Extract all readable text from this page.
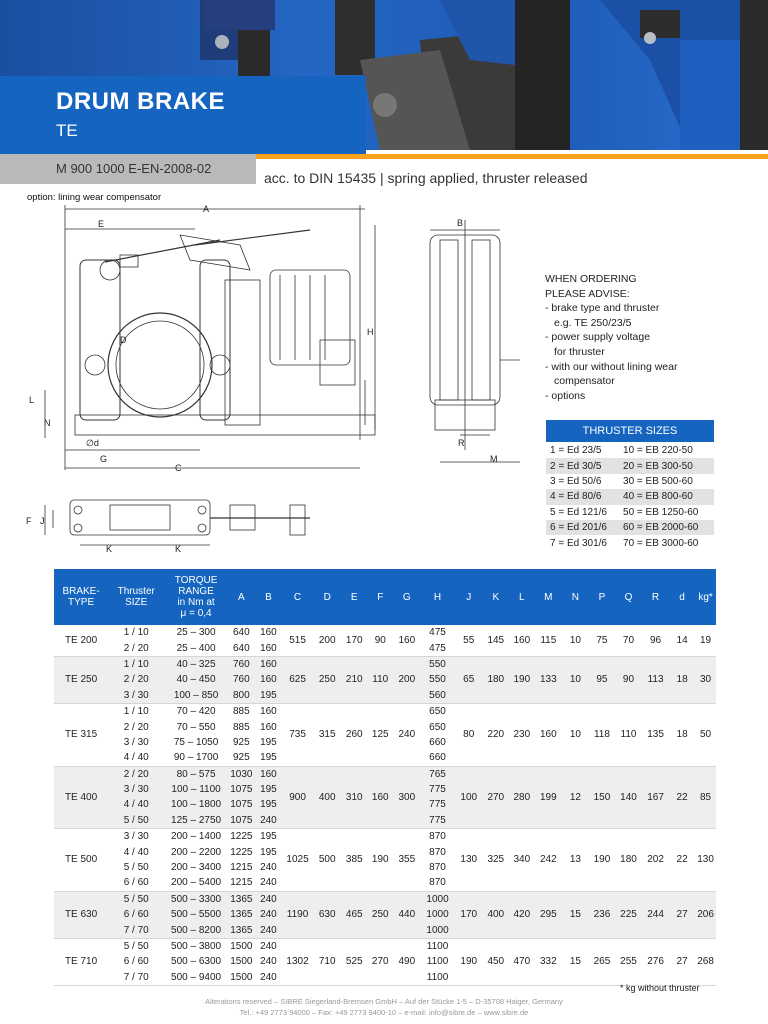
DRUM BRAKE
TE
M 900 1000 E-EN-2008-02
acc. to DIN 15435 | spring applied, thruster released
option: lining wear compensator
A
E	B
H
D
L
N
∅d
G
C
R
M
F J
K	K
WHEN ORDERING
PLEASE ADVISE:
- brake type and thruster
e.g. TE 250/23/5
- power supply voltage
for thruster
- with our without lining wear
compensator
- options
THRUSTER SIZES
1 = Ed 23/5	10 = EB 220-50
2 = Ed 30/5	20 = EB 300-50
3 = Ed 50/6	30 = EB 500-60
4 = Ed 80/6	40 = EB 800-60
5 = Ed 121/6	50 = EB 1250-60
6 = Ed 201/6	60 = EB 2000-60
7 = Ed 301/6	70 = EB 3000-60
BRAKE-
TYPE	Thruster
SIZE	TORQUE
RANGE
in Nm at
μ = 0,4	A	B	C	D	E	F	G	H	J	K	L	M	N	P	Q	R	d	kg*
TE 200	1 / 10	25 – 300	640	160	515	200	170	90	160	475	55	145	160	115	10	75	70	96	14	19
	2 / 20	25 – 400	640	160						475										
TE 250	1 / 10	40 – 325	760	160	625	250	210	110	200	550	65	180	190	133	10	95	90	113	18	30
	2 / 20	40 – 450	760	160						550										
	3 / 30	100 – 850	800	195						560										
TE 315	1 / 10	70 – 420	885	160	735	315	260	125	240	650	80	220	230	160	10	118	110	135	18	50
	2 / 20	70 – 550	885	160						650										
	3 / 30	75 – 1050	925	195						660										
	4 / 40	90 – 1700	925	195						660										
TE 400	2 / 20	80 – 575	1030	160	900	400	310	160	300	765	100	270	280	199	12	150	140	167	22	85
	3 / 30	100 – 1100	1075	195						775										
	4 / 40	100 – 1800	1075	195						775										
	5 / 50	125 – 2750	1075	240						775										
TE 500	3 / 30	200 – 1400	1225	195	1025	500	385	190	355	870	130	325	340	242	13	190	180	202	22	130
	4 / 40	200 – 2200	1225	195						870										
	5 / 50	200 – 3400	1215	240						870										
	6 / 60	200 – 5400	1215	240						870										
TE 630	5 / 50	500 – 3300	1365	240	1190	630	465	250	440	1000	170	400	420	295	15	236	225	244	27	206
	6 / 60	500 – 5500	1365	240						1000										
	7 / 70	500 – 8200	1365	240						1000										
TE 710	5 / 50	500 – 3800	1500	240	1302	710	525	270	490	1100	190	450	470	332	15	265	255	276	27	268
	6 / 60	500 – 6300	1500	240						1100										
	7 / 70	500 – 9400	1500	240						1100										
* kg without thruster
Alterations reserved – SIBRE Siegerland-Bremsen GmbH – Auf der Stücke 1-5 – D-35708 Haiger, Germany
Tel.: +49 2773 94000 – Fax: +49 2773 9400-10 – e-mail: info@sibre.de – www.sibre.de
